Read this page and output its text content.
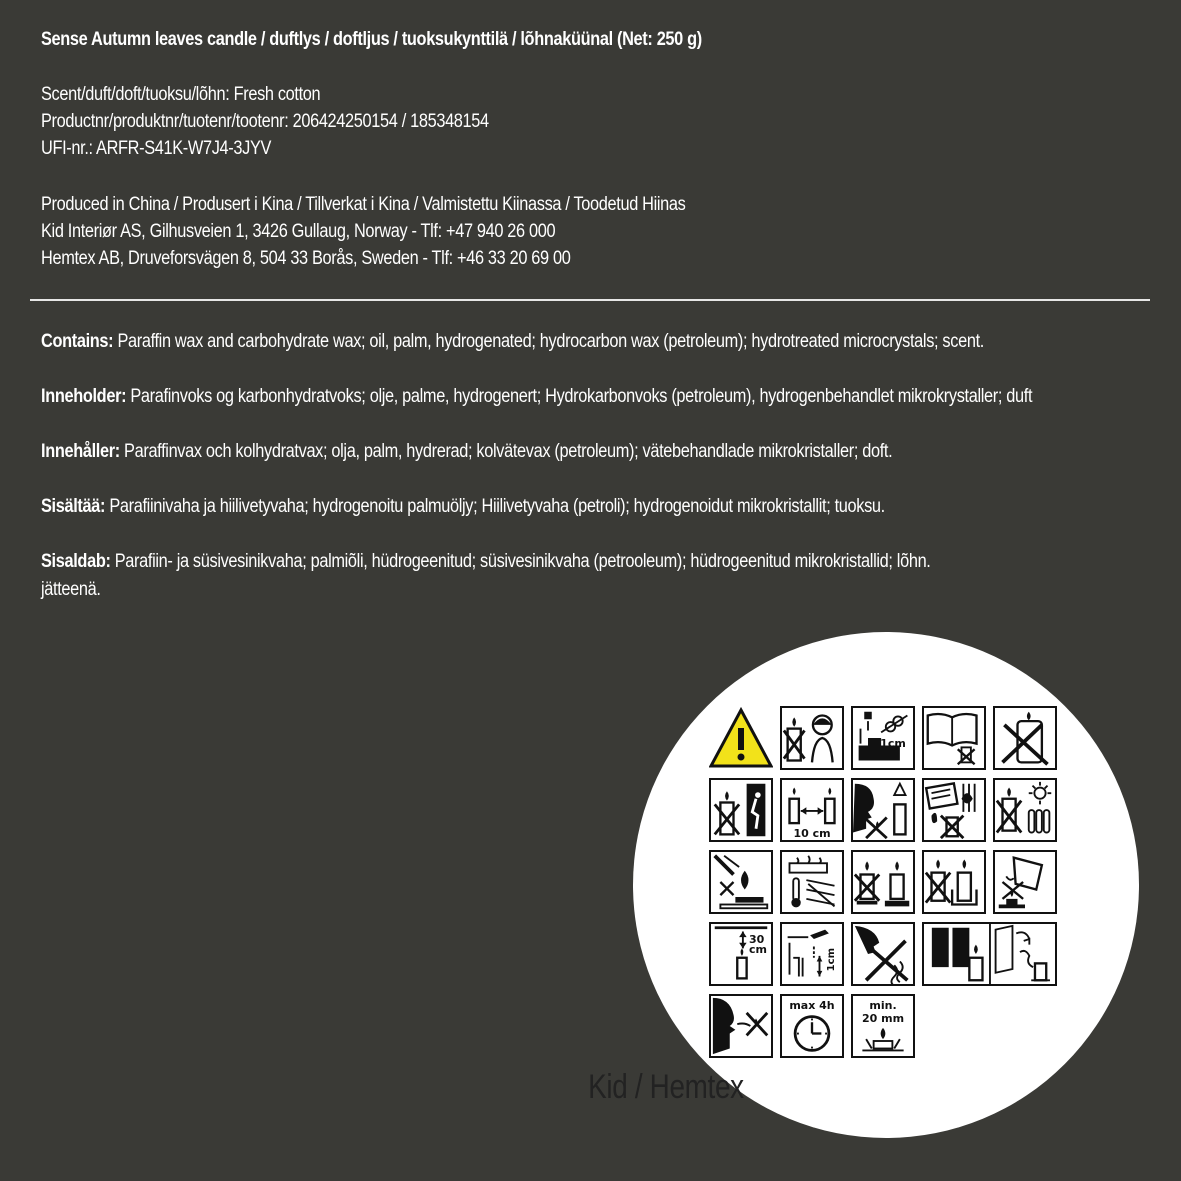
Sense Autumn leaves candle / duftlys / doftljus / tuoksukynttilä / lõhnaküünal (Net: 250 g)
Scent/duft/doft/tuoksu/lõhn: Fresh cotton
Productnr/produktnr/tuotenr/tootenr: 206424250154 / 185348154
UFI-nr.: ARFR-S41K-W7J4-3JYV
Produced in China / Produsert i Kina / Tillverkat i Kina / Valmistettu Kiinassa / Toodetud Hiinas
Kid Interiør AS, Gilhusveien 1, 3426 Gullaug, Norway - Tlf: +47 940 26 000
Hemtex AB, Druveforsvägen 8, 504 33 Borås, Sweden - Tlf: +46 33 20 69 00
Contains: Paraffin wax and carbohydrate wax; oil, palm, hydrogenated; hydrocarbon wax (petroleum); hydrotreated microcrystals; scent.
Inneholder: Parafinvoks og karbonhydratvoks; olje, palme, hydrogenert; Hydrokarbonvoks (petroleum), hydrogenbehandlet mikrokrystaller; duft
Innehåller: Paraffinvax och kolhydratvax; olja, palm, hydrerad; kolvätevax (petroleum); vätebehandlade mikrokristaller; doft.
Sisältää: Parafiinivaha ja hiilivetyvaha; hydrogenoitu palmuöljy; Hiilivetyvaha (petroli); hydrogenoidut mikrokristallit; tuoksu.
Sisaldab: Parafiin- ja süsivesinikvaha; palmiõli, hüdrogeenitud; süsivesinikvaha (petrooleum); hüdrogeenitud mikrokristallid; lõhn.
jätteenä.
1cm
10 cm
30
cm	1cm
max 4h	min.
20 mm
Kid / Hemtex
